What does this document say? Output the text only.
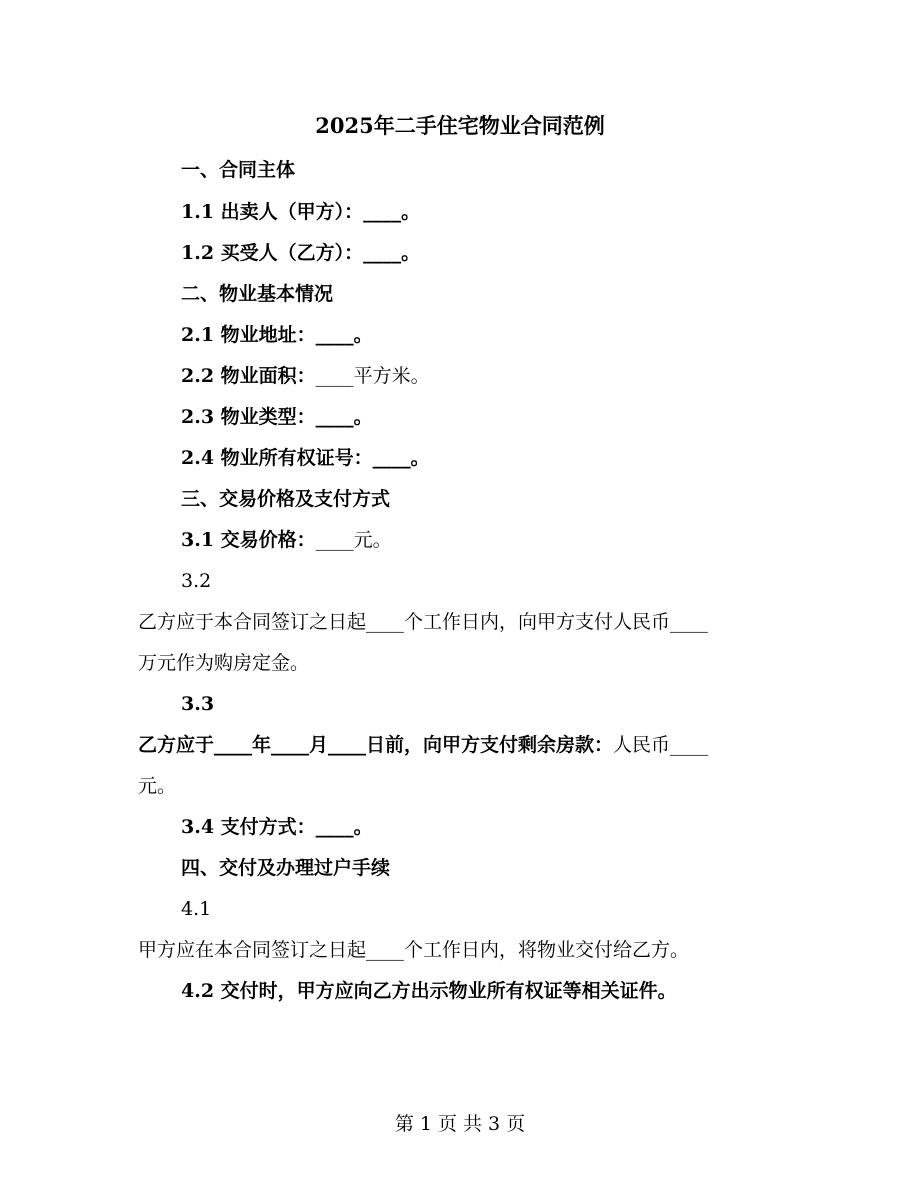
2025年二手住宅物业合同范例
一、合同主体
1.1 出卖人（甲方）：____。
1.2 买受人（乙方）：____。
二、物业基本情况
2.1 物业地址：____。
2.2 物业面积：____平方米。
2.3 物业类型：____。
2.4 物业所有权证号：____。
三、交易价格及支付方式
3.1 交易价格：____元。
3.2
乙方应于本合同签订之日起____个工作日内，向甲方支付人民币____
万元作为购房定金。
3.3
乙方应于____年____月____日前，向甲方支付剩余房款：人民币____
元。
3.4 支付方式：____。
四、交付及办理过户手续
4.1
甲方应在本合同签订之日起____个工作日内，将物业交付给乙方。
4.2 交付时，甲方应向乙方出示物业所有权证等相关证件。
第 1 页 共 3 页
